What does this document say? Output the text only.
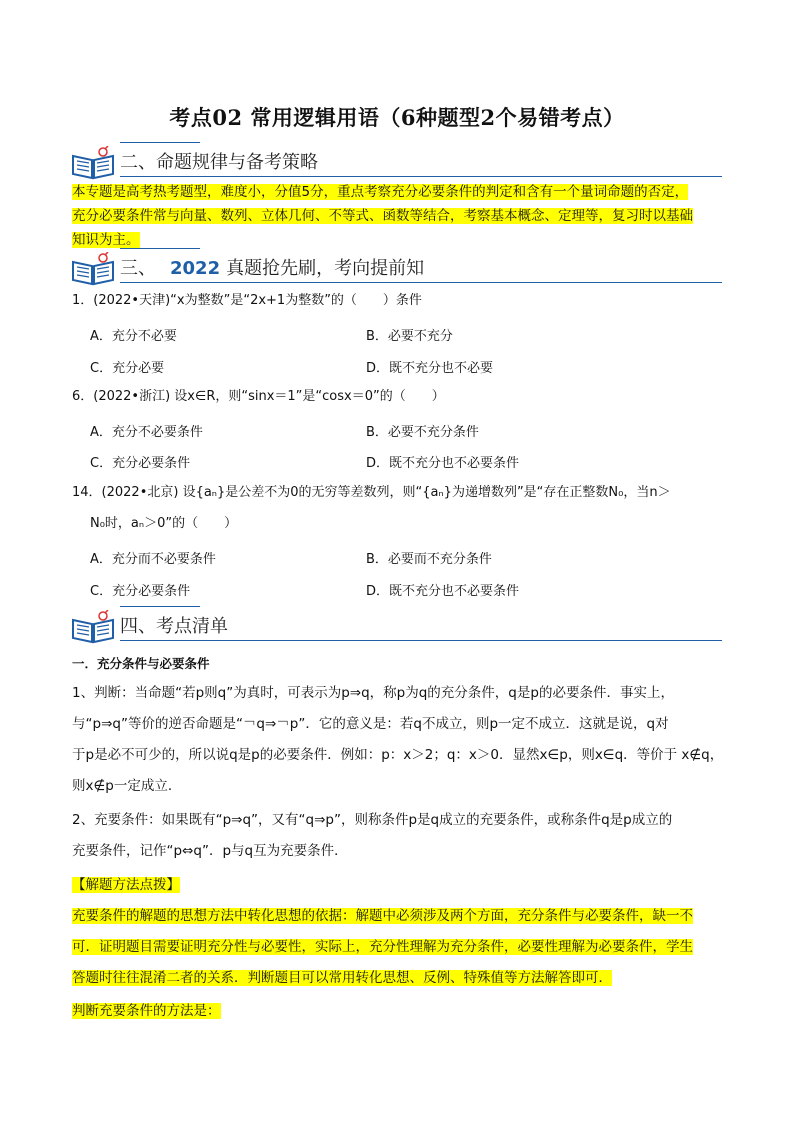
考点02 常用逻辑用语（6种题型2个易错考点）
二、命题规律与备考策略
本专题是高考热考题型，难度小，分值5分，重点考察充分必要条件的判定和含有一个量词命题的否定，
充分必要条件常与向量、数列、立体几何、不等式、函数等结合，考察基本概念、定理等，复习时以基础
知识为主。
三、 2022 真题抢先刷，考向提前知
1．(2022•天津)“x为整数”是“2x+1为整数”的（　　）条件
A．充分不必要	B．必要不充分
C．充分必要	D．既不充分也不必要
6．(2022•浙江) 设x∈R，则“sinx＝1”是“cosx＝0”的（　　）
A．充分不必要条件	B．必要不充分条件
C．充分必要条件	D．既不充分也不必要条件
14．(2022•北京) 设{aₙ}是公差不为0的无穷等差数列，则“{aₙ}为递增数列”是“存在正整数N₀，当n＞
N₀时，aₙ＞0”的（　　）
A．充分而不必要条件	B．必要而不充分条件
C．充分必要条件	D．既不充分也不必要条件
四、考点清单
一．充分条件与必要条件
1、判断：当命题“若p则q”为真时，可表示为p⇒q，称p为q的充分条件，q是p的必要条件．事实上，
与“p⇒q”等价的逆否命题是“￢q⇒￢p”．它的意义是：若q不成立，则p一定不成立．这就是说，q对
于p是必不可少的，所以说q是p的必要条件．例如：p：x＞2；q：x＞0．显然x∈p，则x∈q．等价于 x∉q，
则x∉p一定成立．
2、充要条件：如果既有“p⇒q”，又有“q⇒p”，则称条件p是q成立的充要条件，或称条件q是p成立的
充要条件，记作“p⇔q”．p与q互为充要条件．
【解题方法点拨】
充要条件的解题的思想方法中转化思想的依据：解题中必须涉及两个方面，充分条件与必要条件，缺一不
可．证明题目需要证明充分性与必要性，实际上，充分性理解为充分条件，必要性理解为必要条件，学生
答题时往往混淆二者的关系．判断题目可以常用转化思想、反例、特殊值等方法解答即可．
判断充要条件的方法是：
